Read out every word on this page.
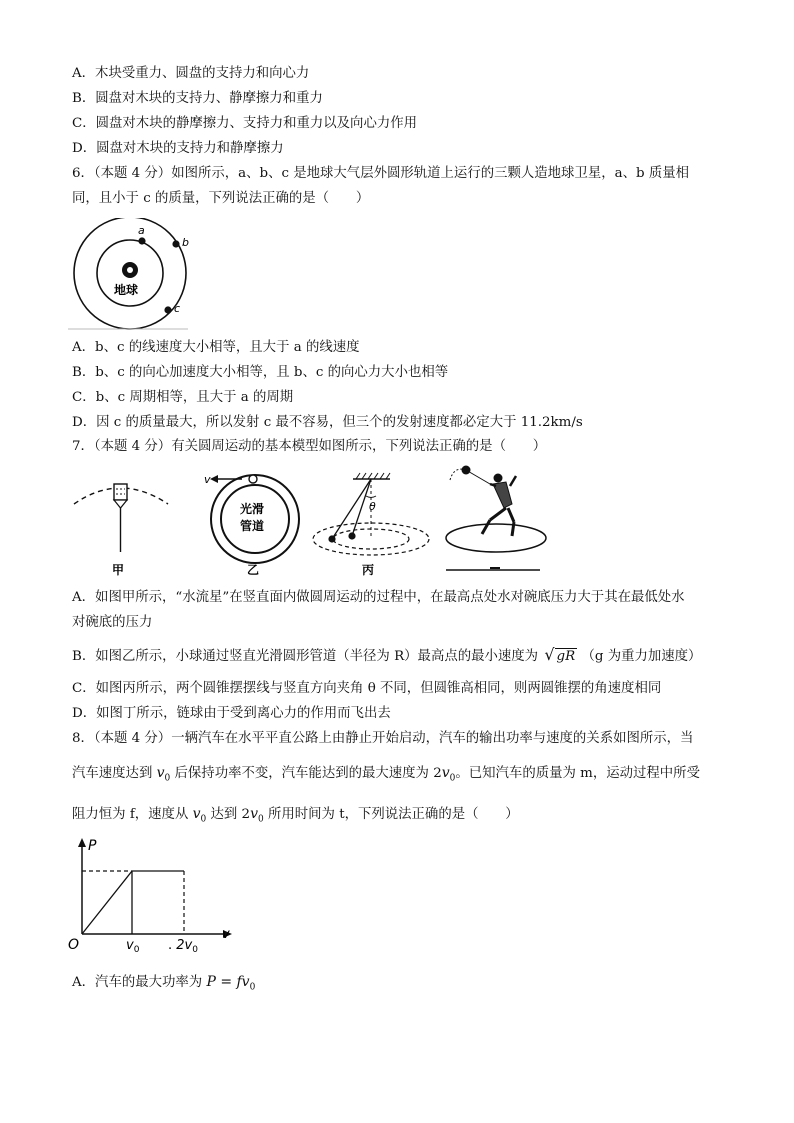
A．木块受重力、圆盘的支持力和向心力
B．圆盘对木块的支持力、静摩擦力和重力
C．圆盘对木块的静摩擦力、支持力和重力以及向心力作用
D．圆盘对木块的支持力和静摩擦力
6．（本题 4 分）如图所示，a、b、c 是地球大气层外圆形轨道上运行的三颗人造地球卫星，a、b 质量相
同，且小于 c 的质量，下列说法正确的是（　　）
地球
a
b
c
A．b、c 的线速度大小相等，且大于 a 的线速度
B．b、c 的向心加速度大小相等，且 b、c 的向心力大小也相等
C．b、c 周期相等，且大于 a 的周期
D．因 c 的质量最大，所以发射 c 最不容易，但三个的发射速度都必定大于 11.2km/s
7．（本题 4 分）有关圆周运动的基本模型如图所示，下列说法正确的是（　　）
甲
v
光滑
管道
乙
θ
丙
A．如图甲所示，“水流星”在竖直面内做圆周运动的过程中，在最高点处水对碗底压力大于其在最低处水
对碗底的压力
B．如图乙所示，小球通过竖直光滑圆形管道（半径为 R）最高点的最小速度为 √ gR （g 为重力加速度）
C．如图丙所示，两个圆锥摆摆线与竖直方向夹角 θ 不同，但圆锥高相同，则两圆锥摆的角速度相同
D．如图丁所示，链球由于受到离心力的作用而飞出去
8．（本题 4 分）一辆汽车在水平平直公路上由静止开始启动，汽车的输出功率与速度的关系如图所示，当
汽车速度达到 $v_0$ 后保持功率不变，汽车能达到的最大速度为 $2v_0$。已知汽车的质量为 m，运动过程中所受
阻力恒为 f，速度从 $v_0$ 达到 $2v_0$ 所用时间为 t，下列说法正确的是（　　）
P
v
O	$v_0$ . $2v_0$
A．汽车的最大功率为 $P = fv_0$
